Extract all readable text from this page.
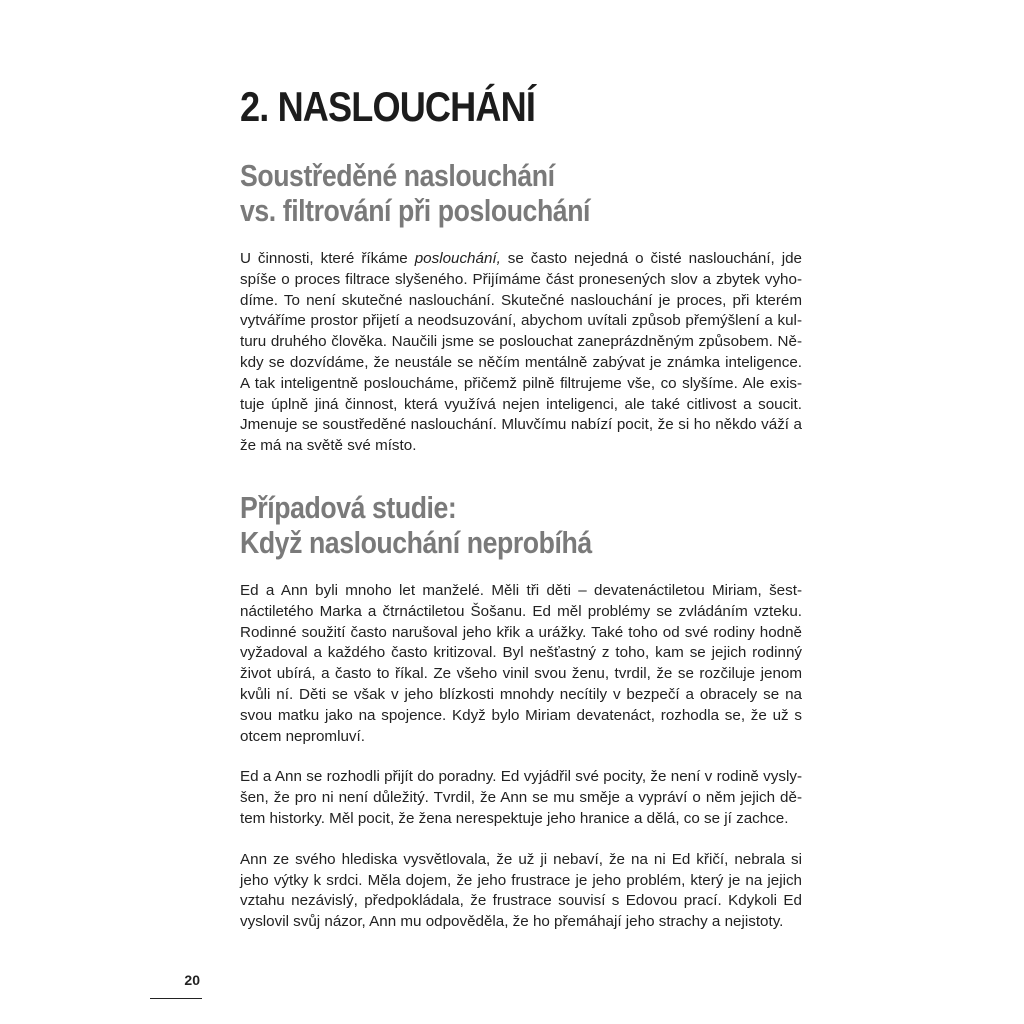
2. NASLOUCHÁNÍ
Soustředěné naslouchání
vs. filtrování při poslouchání

U činnosti, které říkáme poslouchání, se často nejedná o čisté naslouchání, jde spíše o proces filtrace slyšeného. Přijímáme část pronesených slov a zbytek vyhodíme. To není skutečné naslouchání. Skutečné naslouchání je proces, při kterém vytváříme prostor přijetí a neodsuzování, abychom uvítali způsob přemýšlení a kulturu druhého člověka. Naučili jsme se poslouchat zaneprázdněným způsobem. Někdy se dozvídáme, že neustále se něčím mentálně zabývat je známka inteligence. A tak inteligentně posloucháme, přičemž pilně filtrujeme vše, co slyšíme. Ale existuje úplně jiná činnost, která využívá nejen inteligenci, ale také citlivost a soucit. Jmenuje se soustředěné naslouchání. Mluvčímu nabízí pocit, že si ho někdo váží a že má na světě své místo.

Případová studie:
Když naslouchání neprobíhá

Ed a Ann byli mnoho let manželé. Měli tři děti – devatenáctiletou Miriam, šestnáctiletého Marka a čtrnáctiletou Šošanu. Ed měl problémy se zvládáním vzteku. Rodinné soužití často narušoval jeho křik a urážky. Také toho od své rodiny hodně vyžadoval a každého často kritizoval. Byl nešťastný z toho, kam se jejich rodinný život ubírá, a často to říkal. Ze všeho vinil svou ženu, tvrdil, že se rozčiluje jenom kvůli ní. Děti se však v jeho blízkosti mnohdy necítily v bezpečí a obracely se na svou matku jako na spojence. Když bylo Miriam devatenáct, rozhodla se, že už s otcem nepromluví.

Ed a Ann se rozhodli přijít do poradny. Ed vyjádřil své pocity, že není v rodině vyslyšen, že pro ni není důležitý. Tvrdil, že Ann se mu směje a vypráví o něm jejich dětem historky. Měl pocit, že žena nerespektuje jeho hranice a dělá, co se jí zachce.

Ann ze svého hlediska vysvětlovala, že už ji nebaví, že na ni Ed křičí, nebrala si jeho výtky k srdci. Měla dojem, že jeho frustrace je jeho problém, který je na jejich vztahu nezávislý, předpokládala, že frustrace souvisí s Edovou prací. Kdykoli Ed vyslovil svůj názor, Ann mu odpověděla, že ho přemáhají jeho strachy a nejistoty.

20
